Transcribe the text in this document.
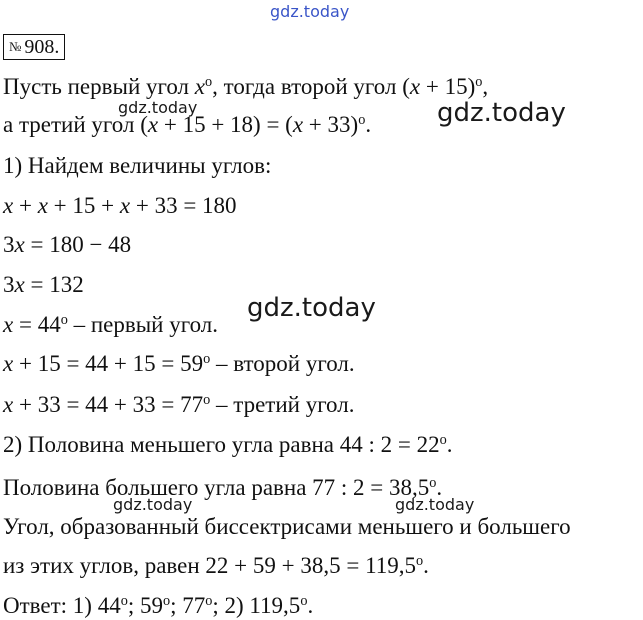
gdz.today
№ 908.
Пусть первый угол $x^o$, тогда второй угол $(x + 15)^o$,
gdz.today
а третий угол $(x + 15 + 18) = (x + 33)^o$.	gdz.today
1) Найдем величины углов:
x + x + 15 + x + 33 = 180
3x = 180 − 48
3x = 132
gdz.today
$x = 44^o$ – первый угол.
$x + 15 = 44 + 15 = 59^o$ – второй угол.
$x + 33 = 44 + 33 = 77^o$ – третий угол.
2) Половина меньшего угла равна 44 : $2 = 22^o$.
Половина большего угла равна 77 : $2 = 38,5^o$.
gdz.today	gdz.today
Угол, образованный биссектрисами меньшего и большего
из этих углов, равен $22 + 59 + 38,5 = 119,5^o$.
Ответ: 1) 44$^o$; 59$^o$; 77$^o$; 2) 119,5$^o$.
